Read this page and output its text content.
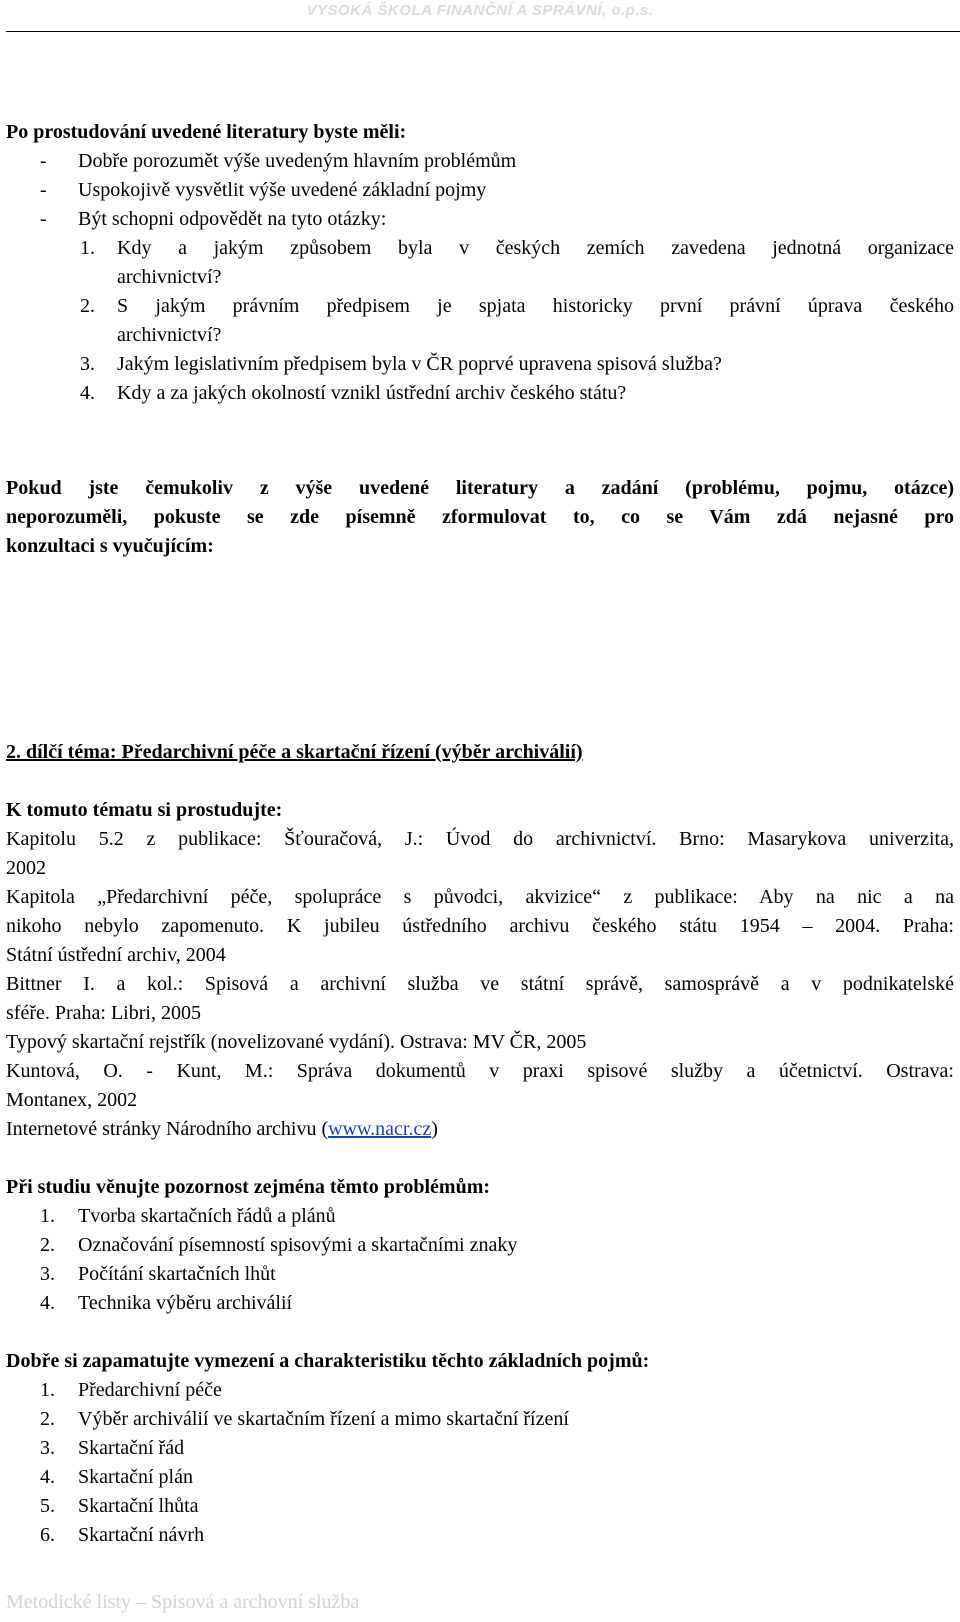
VYSOKÁ ŠKOLA FINANČNÍ A SPRÁVNÍ, o.p.s.
Po prostudování uvedené literatury byste měli:
- Dobře porozumět výše uvedeným hlavním problémům
- Uspokojivě vysvětlit výše uvedené základní pojmy
- Být schopni odpovědět na tyto otázky:
1. Kdy a jakým způsobem byla v českých zemích zavedena jednotná organizace
archivnictví?
2. S jakým právním předpisem je spjata historicky první právní úprava českého
archivnictví?
3. Jakým legislativním předpisem byla v ČR poprvé upravena spisová služba?
4. Kdy a za jakých okolností vznikl ústřední archiv českého státu?
Pokud jste čemukoliv z výše uvedené literatury a zadání (problému, pojmu, otázce)
neporozuměli, pokuste se zde písemně zformulovat to, co se Vám zdá nejasné pro
konzultaci s vyučujícím:
2. dílčí téma: Předarchivní péče a skartační řízení (výběr archiválií)
K tomuto tématu si prostudujte:
Kapitolu 5.2 z publikace: Šťouračová, J.: Úvod do archivnictví. Brno: Masarykova univerzita,
2002
Kapitola „Předarchivní péče, spolupráce s původci, akvizice“ z publikace: Aby na nic a na
nikoho nebylo zapomenuto. K jubileu ústředního archivu českého státu 1954 – 2004. Praha:
Státní ústřední archiv, 2004
Bittner I. a kol.: Spisová a archivní služba ve státní správě, samosprávě a v podnikatelské
sféře. Praha: Libri, 2005
Typový skartační rejstřík (novelizované vydání). Ostrava: MV ČR, 2005
Kuntová, O. - Kunt, M.: Správa dokumentů v praxi spisové služby a účetnictví. Ostrava:
Montanex, 2002
Internetové stránky Národního archivu (www.nacr.cz)
Při studiu věnujte pozornost zejména těmto problémům:
1. Tvorba skartačních řádů a plánů
2. Označování písemností spisovými a skartačními znaky
3. Počítání skartačních lhůt
4. Technika výběru archiválií
Dobře si zapamatujte vymezení a charakteristiku těchto základních pojmů:
1. Předarchivní péče
2. Výběr archiválií ve skartačním řízení a mimo skartační řízení
3. Skartační řád
4. Skartační plán
5. Skartační lhůta
6. Skartační návrh
Metodické listy – Spisová a archovní služba
